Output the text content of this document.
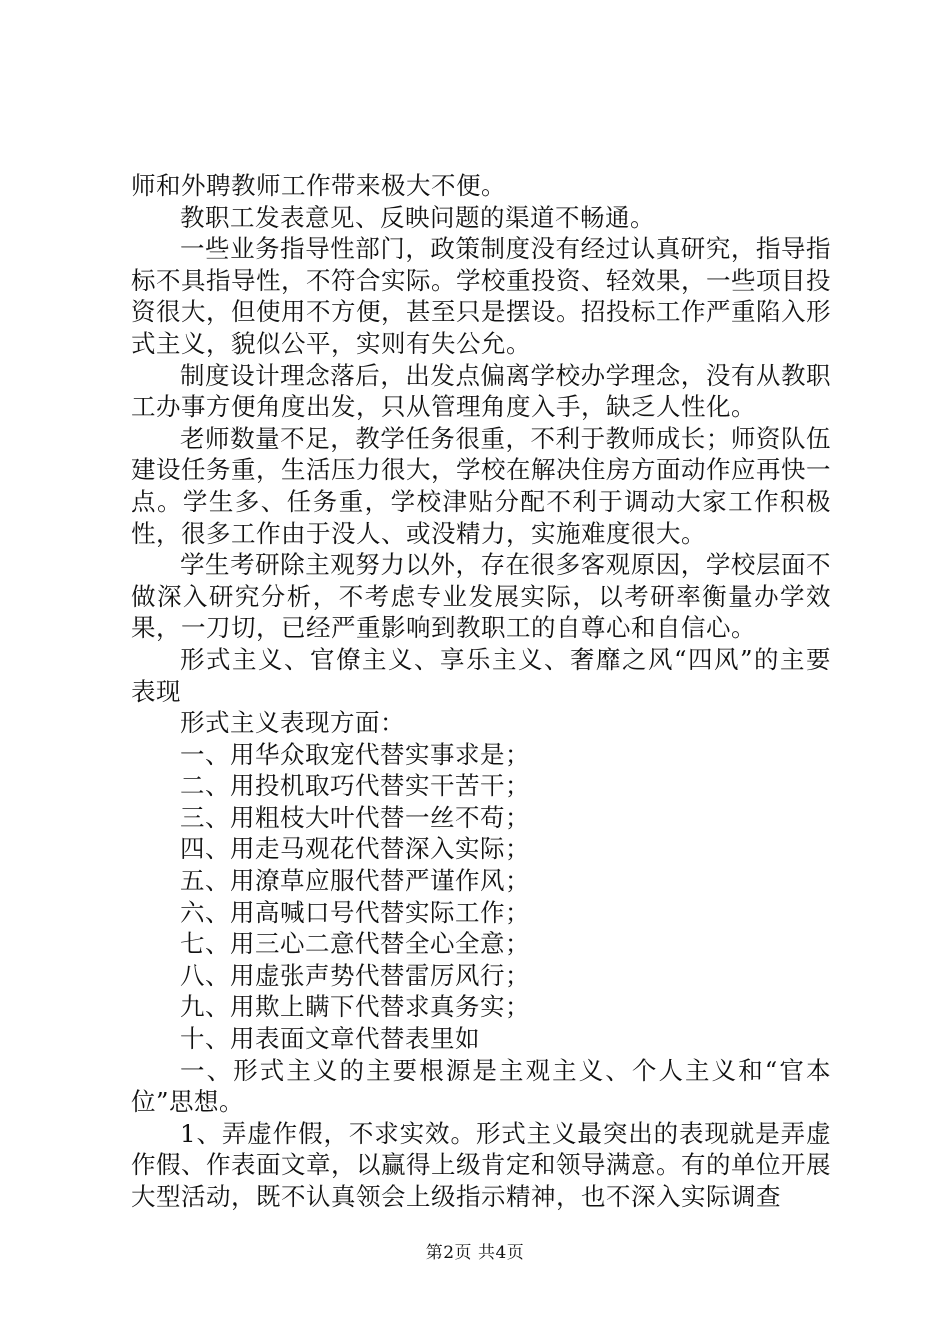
师和外聘教师工作带来极大不便。

教职工发表意见、反映问题的渠道不畅通。

一些业务指导性部门，政策制度没有经过认真研究，指导指标不具指导性，不符合实际。学校重投资、轻效果，一些项目投资很大，但使用不方便，甚至只是摆设。招投标工作严重陷入形式主义，貌似公平，实则有失公允。

制度设计理念落后，出发点偏离学校办学理念，没有从教职工办事方便角度出发，只从管理角度入手，缺乏人性化。

老师数量不足，教学任务很重，不利于教师成长；师资队伍建设任务重，生活压力很大，学校在解决住房方面动作应再快一点。学生多、任务重，学校津贴分配不利于调动大家工作积极性，很多工作由于没人、或没精力，实施难度很大。

学生考研除主观努力以外，存在很多客观原因，学校层面不做深入研究分析，不考虑专业发展实际，以考研率衡量办学效果，一刀切，已经严重影响到教职工的自尊心和自信心。

形式主义、官僚主义、享乐主义、奢靡之风“四风”的主要表现

形式主义表现方面：

一、用华众取宠代替实事求是；

二、用投机取巧代替实干苦干；

三、用粗枝大叶代替一丝不苟；

四、用走马观花代替深入实际；

五、用潦草应服代替严谨作风；

六、用高喊口号代替实际工作；

七、用三心二意代替全心全意；

八、用虚张声势代替雷厉风行；

九、用欺上瞒下代替求真务实；

十、用表面文章代替表里如

一、形式主义的主要根源是主观主义、个人主义和“官本位”思想。

1、弄虚作假，不求实效。形式主义最突出的表现就是弄虚作假、作表面文章，以赢得上级肯定和领导满意。有的单位开展大型活动，既不认真领会上级指示精神，也不深入实际调查

第2页 共4页
